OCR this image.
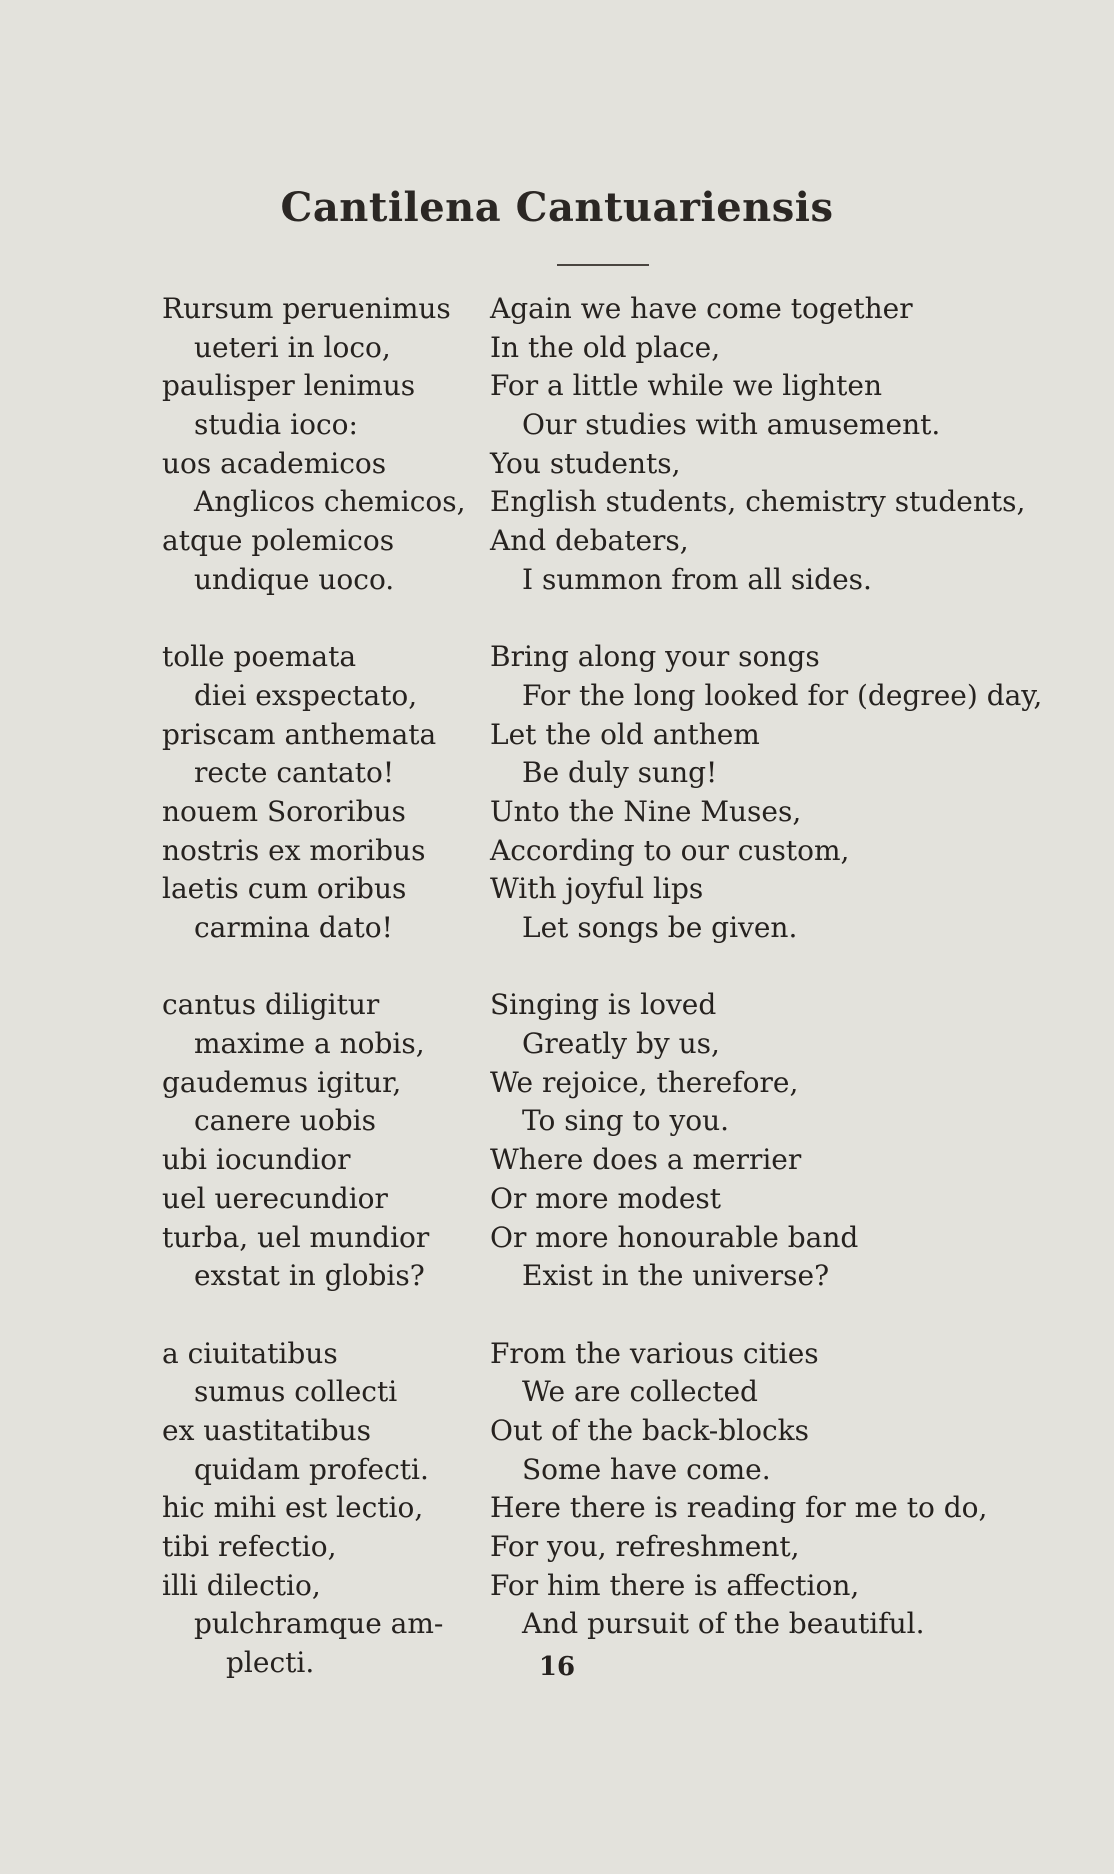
Cantilena Cantuariensis
Rursum peruenimus
ueteri in loco,
paulisper lenimus
studia ioco:
uos academicos
Anglicos chemicos,
atque polemicos
undique uoco.
tolle poemata
diei exspectato,
priscam anthemata
recte cantato!
nouem Sororibus
nostris ex moribus
laetis cum oribus
carmina dato!
cantus diligitur
maxime a nobis,
gaudemus igitur,
canere uobis
ubi iocundior
uel uerecundior
turba, uel mundior
exstat in globis?
a ciuitatibus
sumus collecti
ex uastitatibus
quidam profecti.
hic mihi est lectio,
tibi refectio,
illi dilectio,
pulchramque am-
plecti.
Again we have come together
In the old place,
For a little while we lighten
Our studies with amusement.
You students,
English students, chemistry students,
And debaters,
I summon from all sides.
Bring along your songs
For the long looked for (degree) day,
Let the old anthem
Be duly sung!
Unto the Nine Muses,
According to our custom,
With joyful lips
Let songs be given.
Singing is loved
Greatly by us,
We rejoice, therefore,
To sing to you.
Where does a merrier
Or more modest
Or more honourable band
Exist in the universe?
From the various cities
We are collected
Out of the back-blocks
Some have come.
Here there is reading for me to do,
For you, refreshment,
For him there is affection,
And pursuit of the beautiful.
16
